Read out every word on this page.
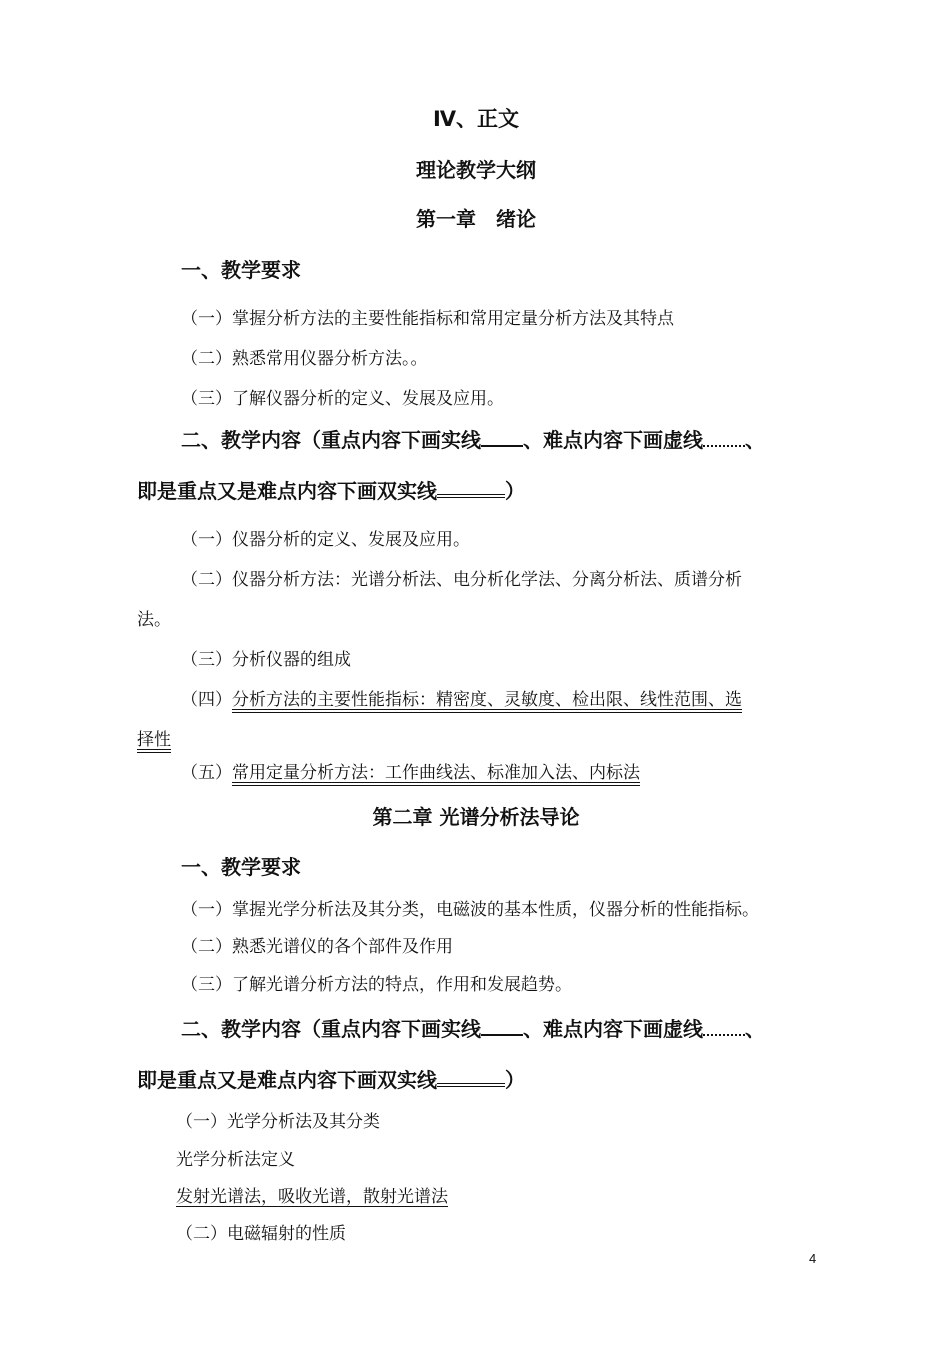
Ⅳ、正文
理论教学大纲
第一章　绪论
一、教学要求
（一）掌握分析方法的主要性能指标和常用定量分析方法及其特点
（二）熟悉常用仪器分析方法。。
（三）了解仪器分析的定义、发展及应用。
二、教学内容（重点内容下画实线 、难点内容下画虚线 、
即是重点又是难点内容下画双实线	）
（一）仪器分析的定义、发展及应用。
（二）仪器分析方法：光谱分析法、电分析化学法、分离分析法、质谱分析
法。
（三）分析仪器的组成
（四）分析方法的主要性能指标：精密度、灵敏度、检出限、线性范围、选
择性
（五）常用定量分析方法：工作曲线法、标准加入法、内标法
第二章 光谱分析法导论
一、教学要求
（一）掌握光学分析法及其分类，电磁波的基本性质，仪器分析的性能指标。
（二）熟悉光谱仪的各个部件及作用
（三）了解光谱分析方法的特点，作用和发展趋势。
二、教学内容（重点内容下画实线 、难点内容下画虚线 、
即是重点又是难点内容下画双实线	）
（一）光学分析法及其分类
光学分析法定义
发射光谱法，吸收光谱，散射光谱法
（二）电磁辐射的性质
4
